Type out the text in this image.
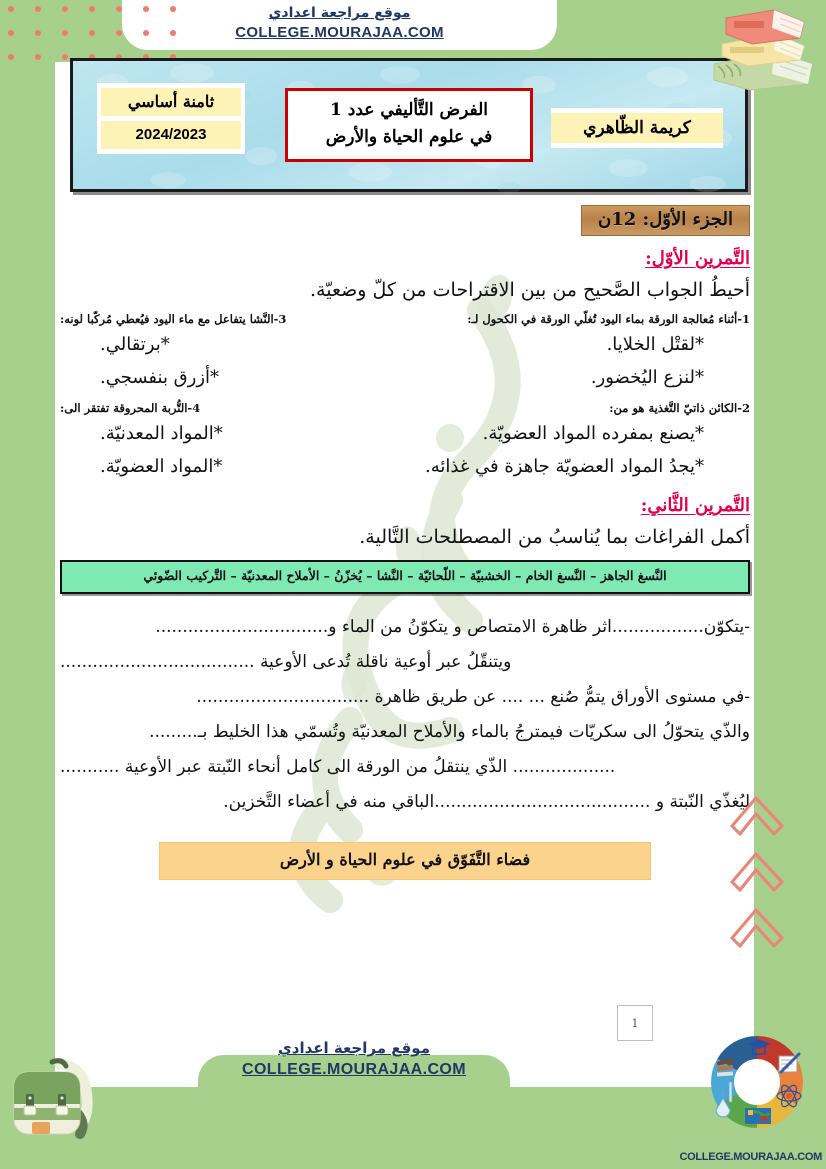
موقع مراجعة اعدادي
COLLEGE.MOURAJAA.COM
ثامنة أساسي
2024/2023
الفرض التَّأليفي عدد 1
في علوم الحياة والأرض	كريمة الظّاهري
الجزء الأوّل: 12ن
التَّمرين الأوّل:
أحيطُ الجواب الصَّحيح من بين الاقتراحات من كلّ وضعيّة.
1-أثناء مُعالجة الورقة بماء اليود تُغلّي الورقة في الكحول لـ:
*لقتْل الخلايا.
*لنزع اليُخضور.
3-النَّشا يتفاعل مع ماء اليود فيُعطي مُركّبا لونه:
*برتقالي.
*أزرق بنفسجي.
2-الكائن ذاتيّ التَّغذية هو من:
*يصنع بمفرده المواد العضويّة.
*يجدُ المواد العضويّة جاهزة في غذائه.
4-التُّربة المحروقة تفتقر الى:
*المواد المعدنيّة.
*المواد العضويّة.
التَّمرين الثَّاني:
أكمل الفراغات بما يُناسبُ من المصطلحات التَّالية.
النَّسغ الجاهز – النَّسغ الخام – الخشبيّة – اللّحائيّة – النَّشا – يُخزّنُ – الأملاح المعدنيّة – التَّركيب الضّوئي
-يتكوّن.................اثر ظاهرة الامتصاص و يتكوّنُ من الماء و................................
ويتنقّلُ عبر أوعية ناقلة تُدعى الأوعية ....................................
-في مستوى الأوراق يتمُّ صُنع ... .... عن طريق ظاهرة ................................
والذّي يتحوّلُ الى سكريّات فيمترجُ بالماء والأملاح المعدنيّة وتُسمّي هذا الخليط بـ.........
................... الذّي ينتقلُ من الورقة الى كامل أنحاء النّبتة عبر الأوعية ...........
ليُغذّي النّبتة و ........................................الباقي منه في أعضاء التَّخزين.
فضاء التَّفَوّق في علوم الحياة و الأرض
1
موقع مراجعة اعدادي
COLLEGE.MOURAJAA.COM
COLLEGE.MOURAJAA.COM
